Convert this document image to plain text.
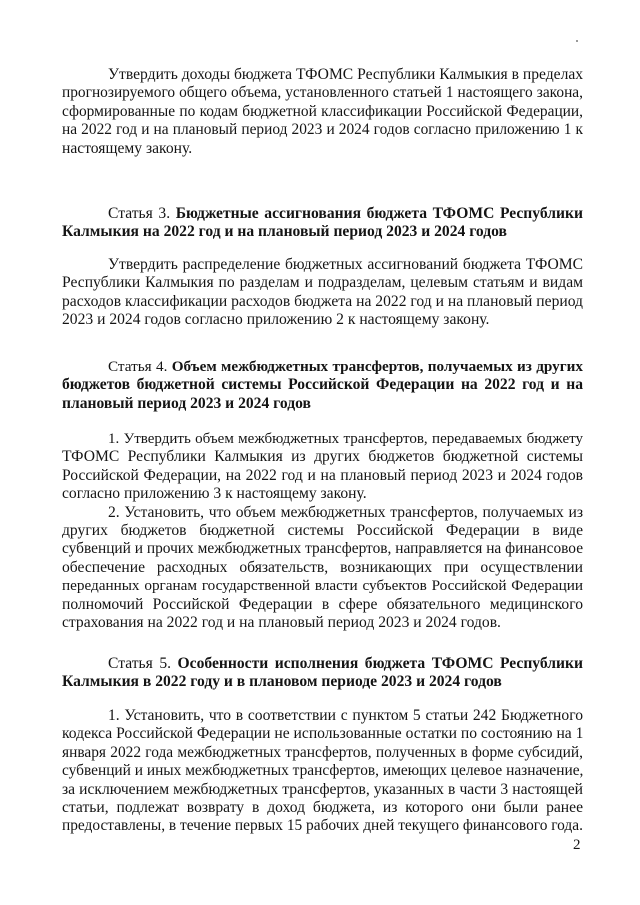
Утвердить доходы бюджета ТФОМС Республики Калмыкия в пределах
прогнозируемого общего объема, установленного статьей 1 настоящего закона,
сформированные по кодам бюджетной классификации Российской Федерации,
на 2022 год и на плановый период 2023 и 2024 годов согласно приложению 1 к
настоящему закону.
Статья 3. Бюджетные ассигнования бюджета ТФОМС Республики
Калмыкия на 2022 год и на плановый период 2023 и 2024 годов
Утвердить распределение бюджетных ассигнований бюджета ТФОМС
Республики Калмыкия по разделам и подразделам, целевым статьям и видам
расходов классификации расходов бюджета на 2022 год и на плановый период
2023 и 2024 годов согласно приложению 2 к настоящему закону.
Статья 4. Объем межбюджетных трансфертов, получаемых из других
бюджетов бюджетной системы Российской Федерации на 2022 год и на
плановый период 2023 и 2024 годов
1. Утвердить объем межбюджетных трансфертов, передаваемых бюджету
ТФОМС Республики Калмыкия из других бюджетов бюджетной системы
Российской Федерации, на 2022 год и на плановый период 2023 и 2024 годов
согласно приложению 3 к настоящему закону.
2. Установить, что объем межбюджетных трансфертов, получаемых из
других бюджетов бюджетной системы Российской Федерации в виде
субвенций и прочих межбюджетных трансфертов, направляется на финансовое
обеспечение расходных обязательств, возникающих при осуществлении
переданных органам государственной власти субъектов Российской Федерации
полномочий Российской Федерации в сфере обязательного медицинского
страхования на 2022 год и на плановый период 2023 и 2024 годов.
Статья 5. Особенности исполнения бюджета ТФОМС Республики
Калмыкия в 2022 году и в плановом периоде 2023 и 2024 годов
1. Установить, что в соответствии с пунктом 5 статьи 242 Бюджетного
кодекса Российской Федерации не использованные остатки по состоянию на 1
января 2022 года межбюджетных трансфертов, полученных в форме субсидий,
субвенций и иных межбюджетных трансфертов, имеющих целевое назначение,
за исключением межбюджетных трансфертов, указанных в части 3 настоящей
статьи, подлежат возврату в доход бюджета, из которого они были ранее
предоставлены, в течение первых 15 рабочих дней текущего финансового года.
2
